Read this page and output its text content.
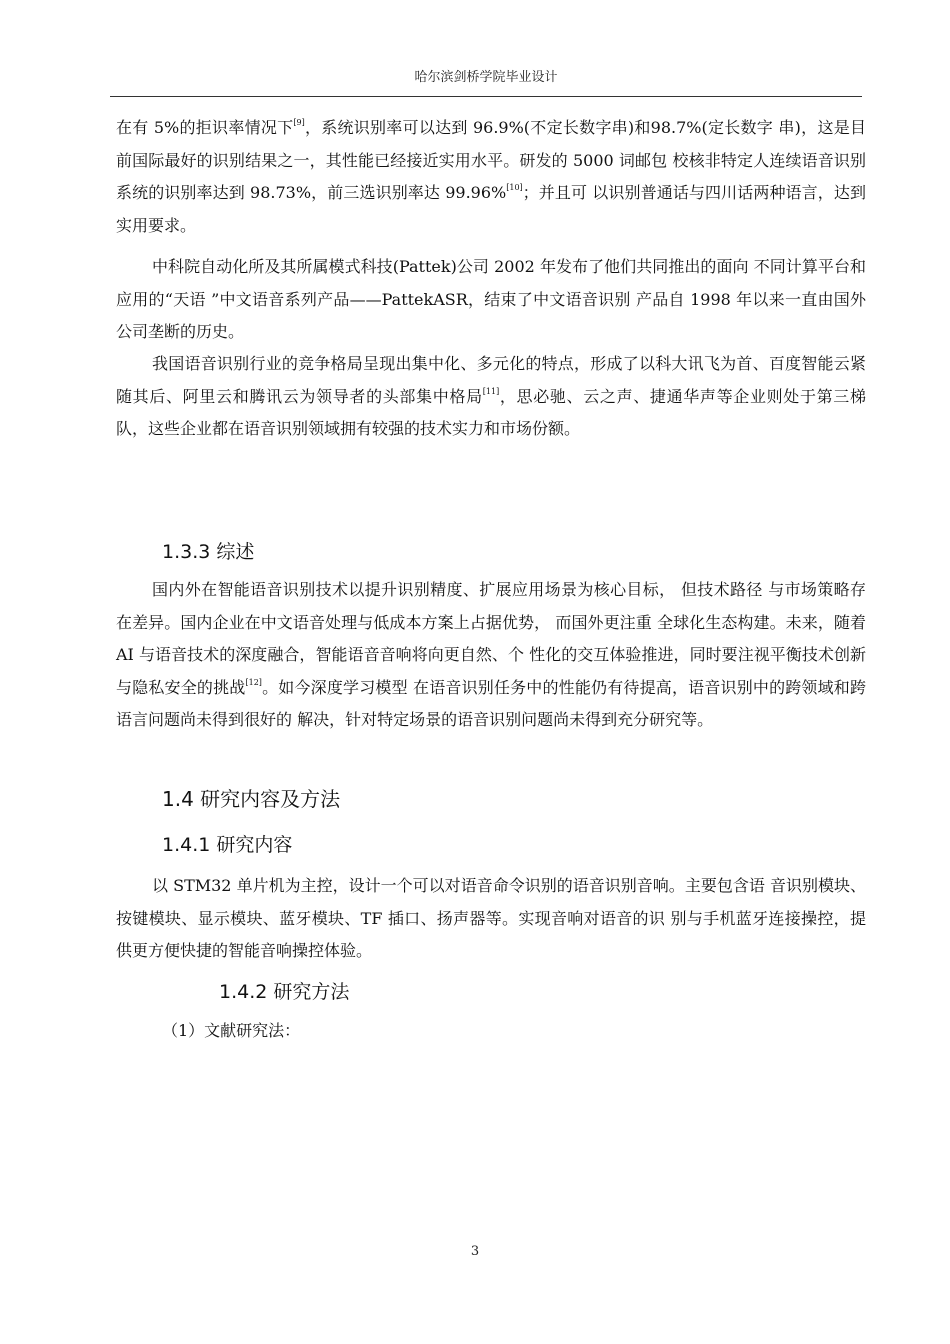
哈尔滨剑桥学院毕业设计

在有 5%的拒识率情况下[9]，系统识别率可以达到 96.9%(不定长数字串)和98.7%(定长数字 串)，这是目前国际最好的识别结果之一，其性能已经接近实用水平。研发的 5000 词邮包 校核非特定人连续语音识别系统的识别率达到 98.73%，前三选识别率达 99.96%[10]；并且可 以识别普通话与四川话两种语言，达到实用要求。

中科院自动化所及其所属模式科技(Pattek)公司 2002 年发布了他们共同推出的面向 不同计算平台和应用的“天语 ”中文语音系列产品——PattekASR，结束了中文语音识别 产品自 1998 年以来一直由国外公司垄断的历史。

我国语音识别行业的竞争格局呈现出集中化、多元化的特点，形成了以科大讯飞为首、百度智能云紧随其后、阿里云和腾讯云为领导者的头部集中格局[11]，思必驰、云之声、捷通华声等企业则处于第三梯队，这些企业都在语音识别领域拥有较强的技术实力和市场份额。

1.3.3 综述

国内外在智能语音识别技术以提升识别精度、扩展应用场景为核心目标， 但技术路径 与市场策略存在差异。国内企业在中文语音处理与低成本方案上占据优势， 而国外更注重 全球化生态构建。未来，随着 AI 与语音技术的深度融合，智能语音音响将向更自然、个 性化的交互体验推进，同时要注视平衡技术创新与隐私安全的挑战[12]。如今深度学习模型 在语音识别任务中的性能仍有待提高，语音识别中的跨领域和跨语言问题尚未得到很好的 解决，针对特定场景的语音识别问题尚未得到充分研究等。

1.4 研究内容及方法
1.4.1 研究内容

以 STM32 单片机为主控，设计一个可以对语音命令识别的语音识别音响。主要包含语 音识别模块、按键模块、显示模块、蓝牙模块、TF 插口、扬声器等。实现音响对语音的识 别与手机蓝牙连接操控，提供更方便快捷的智能音响操控体验。

1.4.2 研究方法

（1）文献研究法：

3
